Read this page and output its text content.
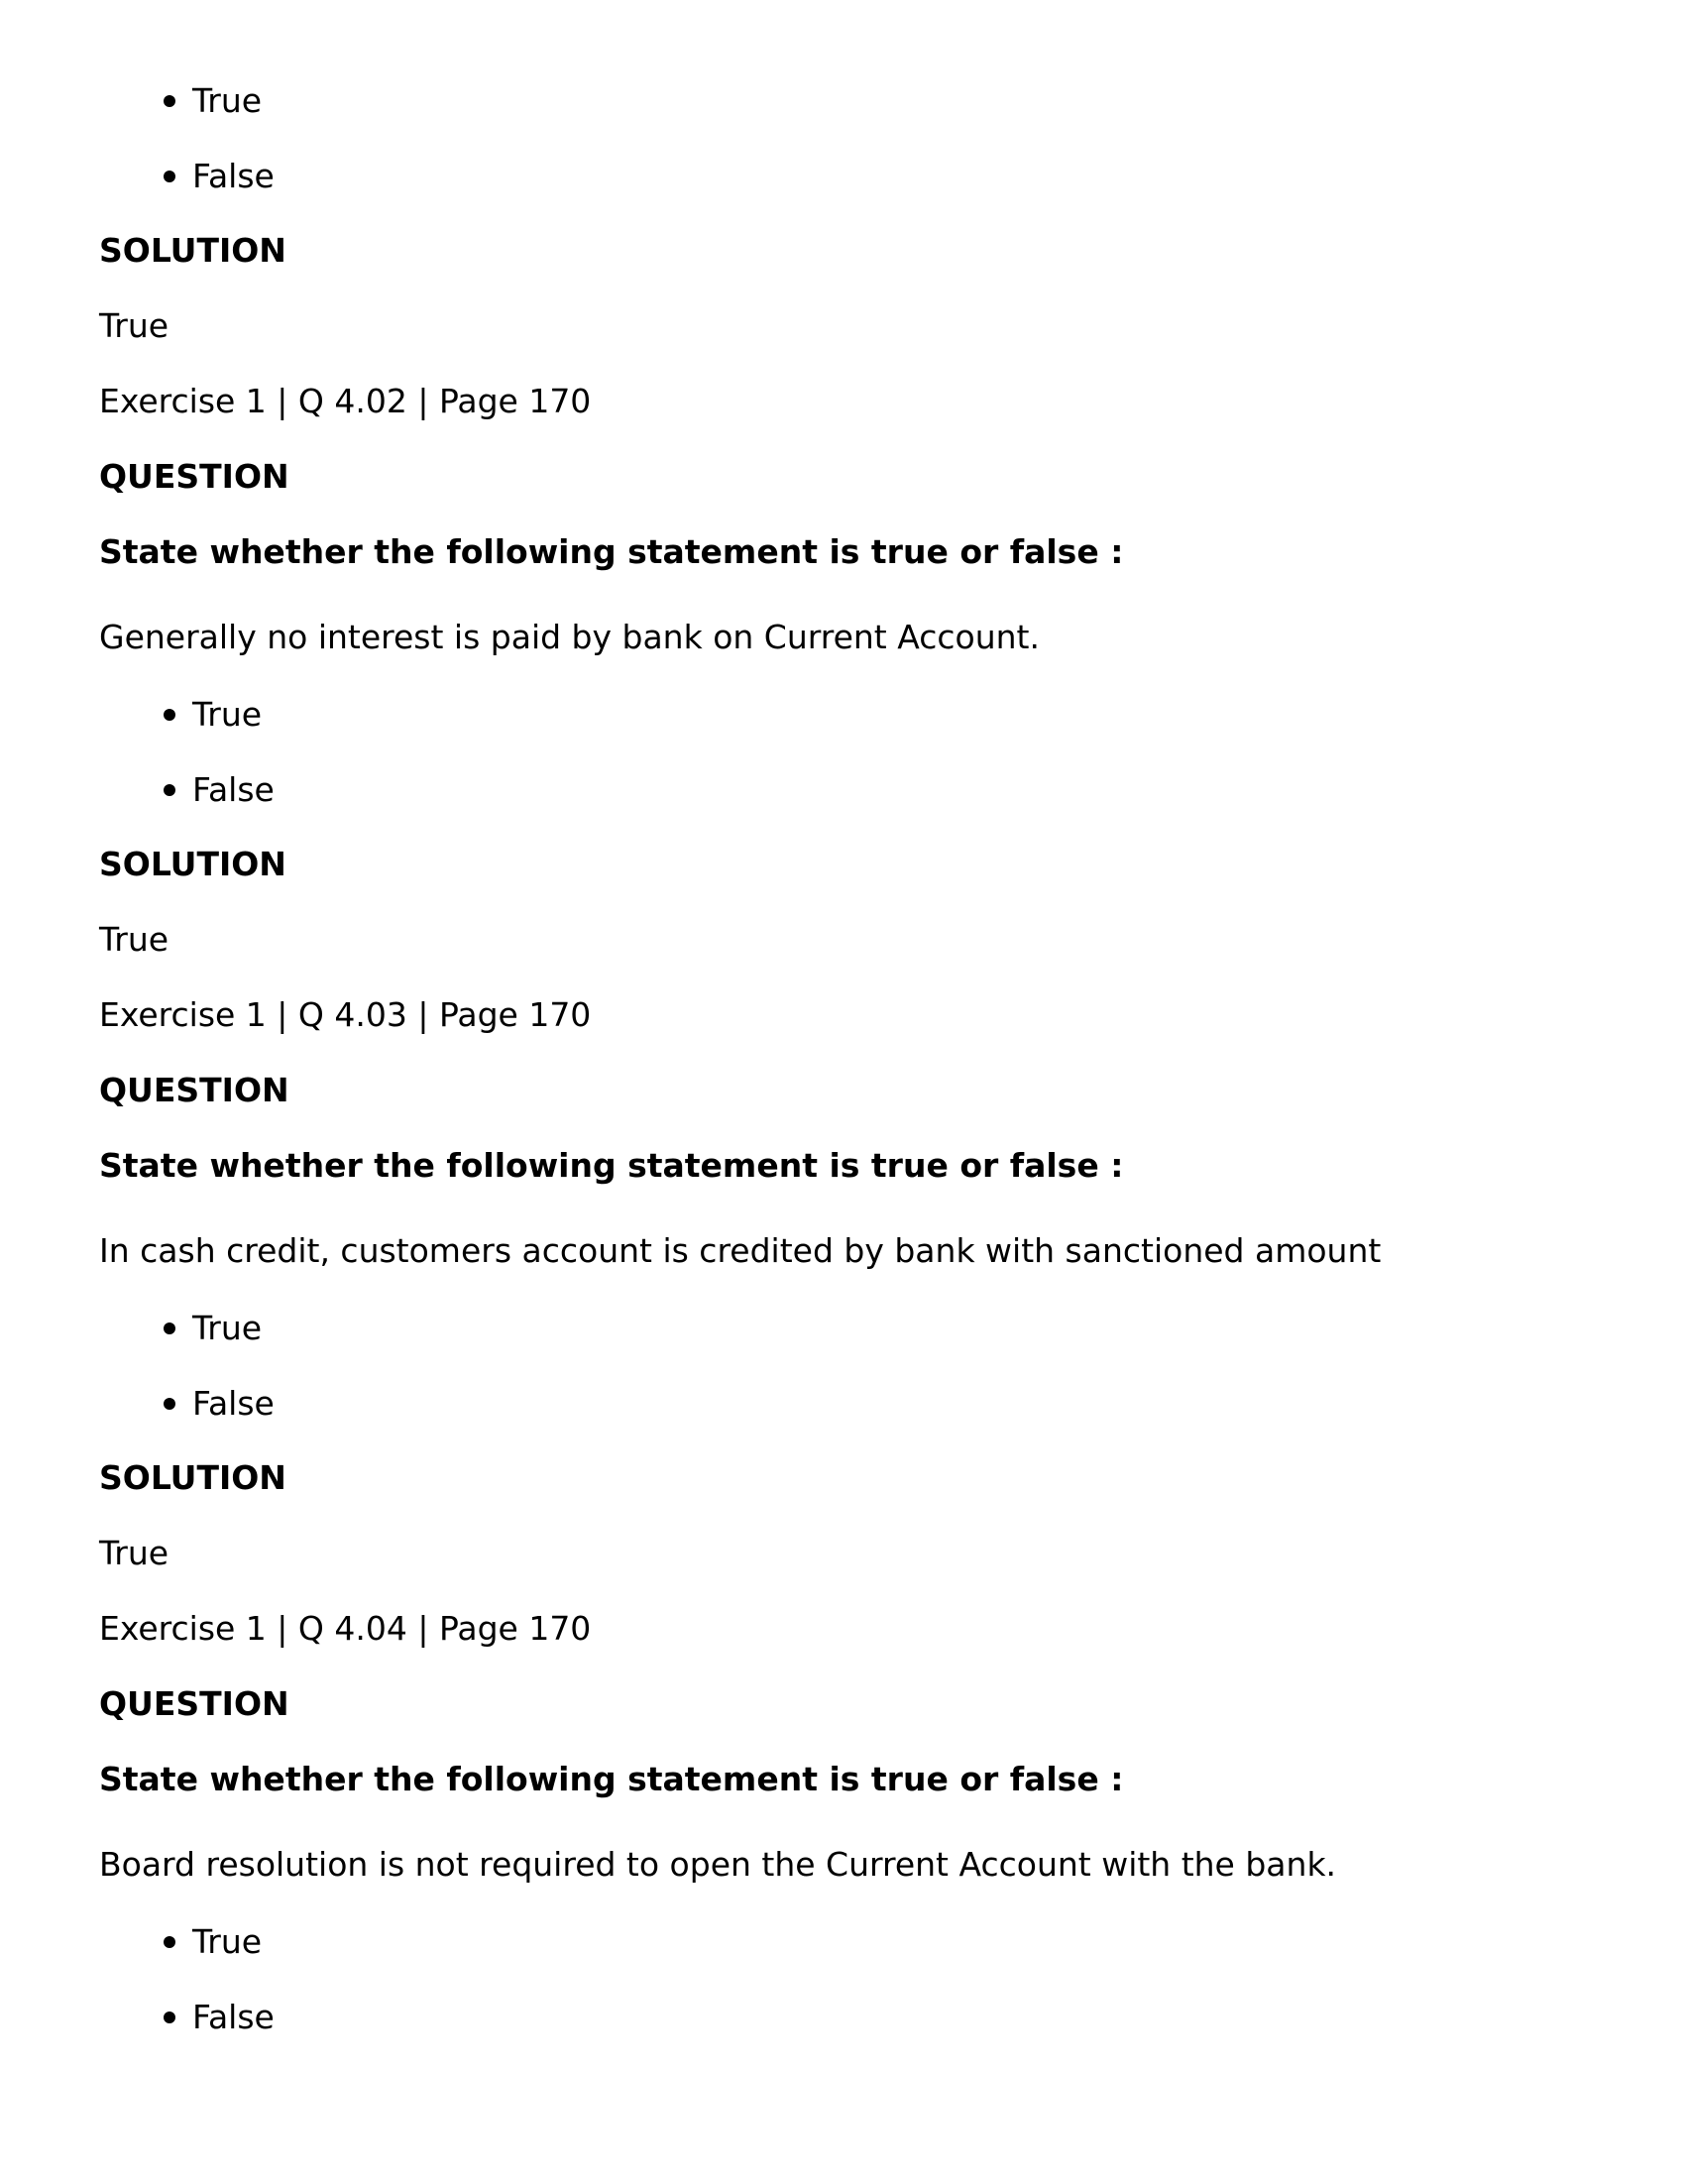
True
False
SOLUTION
True
Exercise 1 | Q 4.02 | Page 170
QUESTION
State whether the following statement is true or false :
Generally no interest is paid by bank on Current Account.
True
False
SOLUTION
True
Exercise 1 | Q 4.03 | Page 170
QUESTION
State whether the following statement is true or false :
In cash credit, customers account is credited by bank with sanctioned amount
True
False
SOLUTION
True
Exercise 1 | Q 4.04 | Page 170
QUESTION
State whether the following statement is true or false :
Board resolution is not required to open the Current Account with the bank.
True
False
